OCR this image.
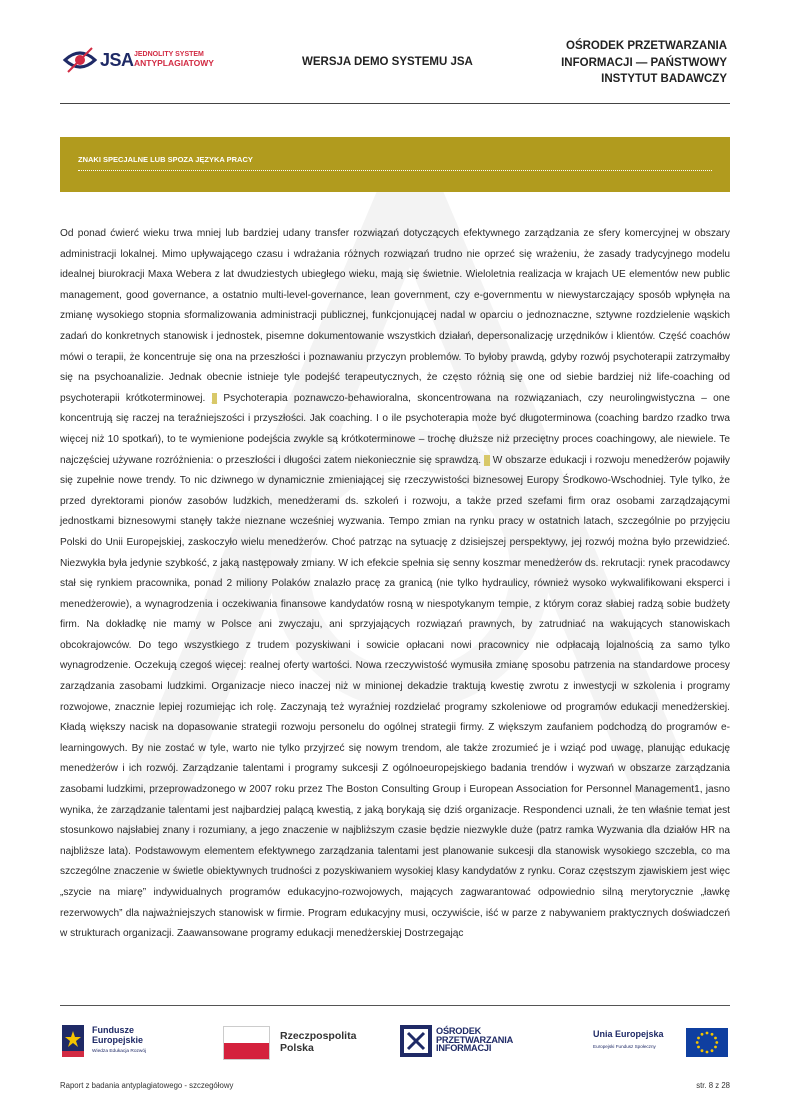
JSA JEDNOLITY SYSTEM
ANTYPLAGIATOWY	WERSJA DEMO SYSTEMU JSA
OŚRODEK PRZETWARZANIA
INFORMACJI — PAŃSTWOWY
INSTYTUT BADAWCZY
ZNAKI SPECJALNE LUB SPOZA JĘZYKA PRACY
Od ponad ćwierć wieku trwa mniej lub bardziej udany transfer rozwiązań dotyczących efektywnego zarządzania ze sfery komercyjnej w obszary administracji lokalnej. Mimo upływającego czasu i wdrażania różnych rozwiązań trudno nie oprzeć się wrażeniu, że zasady tradycyjnego modelu idealnej biurokracji Maxa Webera z lat dwudziestych ubiegłego wieku, mają się świetnie. Wieloletnia realizacja w krajach UE elementów new public management, good governance, a ostatnio multi-level-governance, lean government, czy e-governmentu w niewystarczający sposób wpłynęła na zmianę wysokiego stopnia sformalizowania administracji publicznej, funkcjonującej nadal w oparciu o jednoznaczne, sztywne rozdzielenie wąskich zadań do konkretnych stanowisk i jednostek, pisemne dokumentowanie wszystkich działań, depersonalizację urzędników i klientów. Część coachów mówi o terapii, że koncentruje się ona na przeszłości i poznawaniu przyczyn problemów. To byłoby prawdą, gdyby rozwój psychoterapii zatrzymałby się na psychoanalizie. Jednak obecnie istnieje tyle podejść terapeutycznych, że często różnią się one od siebie bardziej niż life-coaching od psychoterapii krótkoterminowej. _ Psychoterapia poznawczo-behawioralna, skoncentrowana na rozwiązaniach, czy neurolingwistyczna – one koncentrują się raczej na teraźniejszości i przyszłości. Jak coaching. I o ile psychoterapia może być długoterminowa (coaching bardzo rzadko trwa więcej niż 10 spotkań), to te wymienione podejścia zwykle są krótkoterminowe – trochę dłuższe niż przeciętny proces coachingowy, ale niewiele. Te najczęściej używane rozróżnienia: o przeszłości i długości zatem niekoniecznie się sprawdzą. _ W obszarze edukacji i rozwoju menedżerów pojawiły się zupełnie nowe trendy. To nic dziwnego w dynamicznie zmieniającej się rzeczywistości biznesowej Europy Środkowo-Wschodniej. Tyle tylko, że przed dyrektorami pionów zasobów ludzkich, menedżerami ds. szkoleń i rozwoju, a także przed szefami firm oraz osobami zarządzającymi jednostkami biznesowymi stanęły także nieznane wcześniej wyzwania. Tempo zmian na rynku pracy w ostatnich latach, szczególnie po przyjęciu Polski do Unii Europejskiej, zaskoczyło wielu menedżerów. Choć patrząc na sytuację z dzisiejszej perspektywy, jej rozwój można było przewidzieć. Niezwykła była jedynie szybkość, z jaką następowały zmiany. W ich efekcie spełnia się senny koszmar menedżerów ds. rekrutacji: rynek pracodawcy stał się rynkiem pracownika, ponad 2 miliony Polaków znalazło pracę za granicą (nie tylko hydraulicy, również wysoko wykwalifikowani eksperci i menedżerowie), a wynagrodzenia i oczekiwania finansowe kandydatów rosną w niespotykanym tempie, z którym coraz słabiej radzą sobie budżety firm. Na dokładkę nie mamy w Polsce ani zwyczaju, ani sprzyjających rozwiązań prawnych, by zatrudniać na wakujących stanowiskach obcokrajowców. Do tego wszystkiego z trudem pozyskiwani i sowicie opłacani nowi pracownicy nie odpłacają lojalnością za samo tylko wynagrodzenie. Oczekują czegoś więcej: realnej oferty wartości. Nowa rzeczywistość wymusiła zmianę sposobu patrzenia na standardowe procesy zarządzania zasobami ludzkimi. Organizacje nieco inaczej niż w minionej dekadzie traktują kwestię zwrotu z inwestycji w szkolenia i programy rozwojowe, znacznie lepiej rozumiejąc ich rolę. Zaczynają też wyraźniej rozdzielać programy szkoleniowe od programów edukacji menedżerskiej. Kładą większy nacisk na dopasowanie strategii rozwoju personelu do ogólnej strategii firmy. Z większym zaufaniem podchodzą do programów e-learningowych. By nie zostać w tyle, warto nie tylko przyjrzeć się nowym trendom, ale także zrozumieć je i wziąć pod uwagę, planując edukację menedżerów i ich rozwój. Zarządzanie talentami i programy sukcesji Z ogólnoeuropejskiego badania trendów i wyzwań w obszarze zarządzania zasobami ludzkimi, przeprowadzonego w 2007 roku przez The Boston Consulting Group i European Association for Personnel Management1, jasno wynika, że zarządzanie talentami jest najbardziej palącą kwestią, z jaką borykają się dziś organizacje. Respondenci uznali, że ten właśnie temat jest stosunkowo najsłabiej znany i rozumiany, a jego znaczenie w najbliższym czasie będzie niezwykle duże (patrz ramka Wyzwania dla działów HR na najbliższe lata). Podstawowym elementem efektywnego zarządzania talentami jest planowanie sukcesji dla stanowisk wysokiego szczebla, co ma szczególne znaczenie w świetle obiektywnych trudności z pozyskiwaniem wysokiej klasy kandydatów z rynku. Coraz częstszym zjawiskiem jest więc „szycie na miarę” indywidualnych programów edukacyjno-rozwojowych, mających zagwarantować odpowiednio silną merytorycznie „ławkę rezerwowych” dla najważniejszych stanowisk w firmie. Program edukacyjny musi, oczywiście, iść w parze z nabywaniem praktycznych doświadczeń w strukturach organizacji. Zaawansowane programy edukacji menedżerskiej Dostrzegając
Fundusze
Europejskie
Wiedza Edukacja Rozwój
Rzeczpospolita
Polska
OŚRODEK
PRZETWARZANIA
INFORMACJI
Unia Europejska
Europejski Fundusz Społeczny
Raport z badania antyplagiatowego - szczegółowy	str. 8 z 28
